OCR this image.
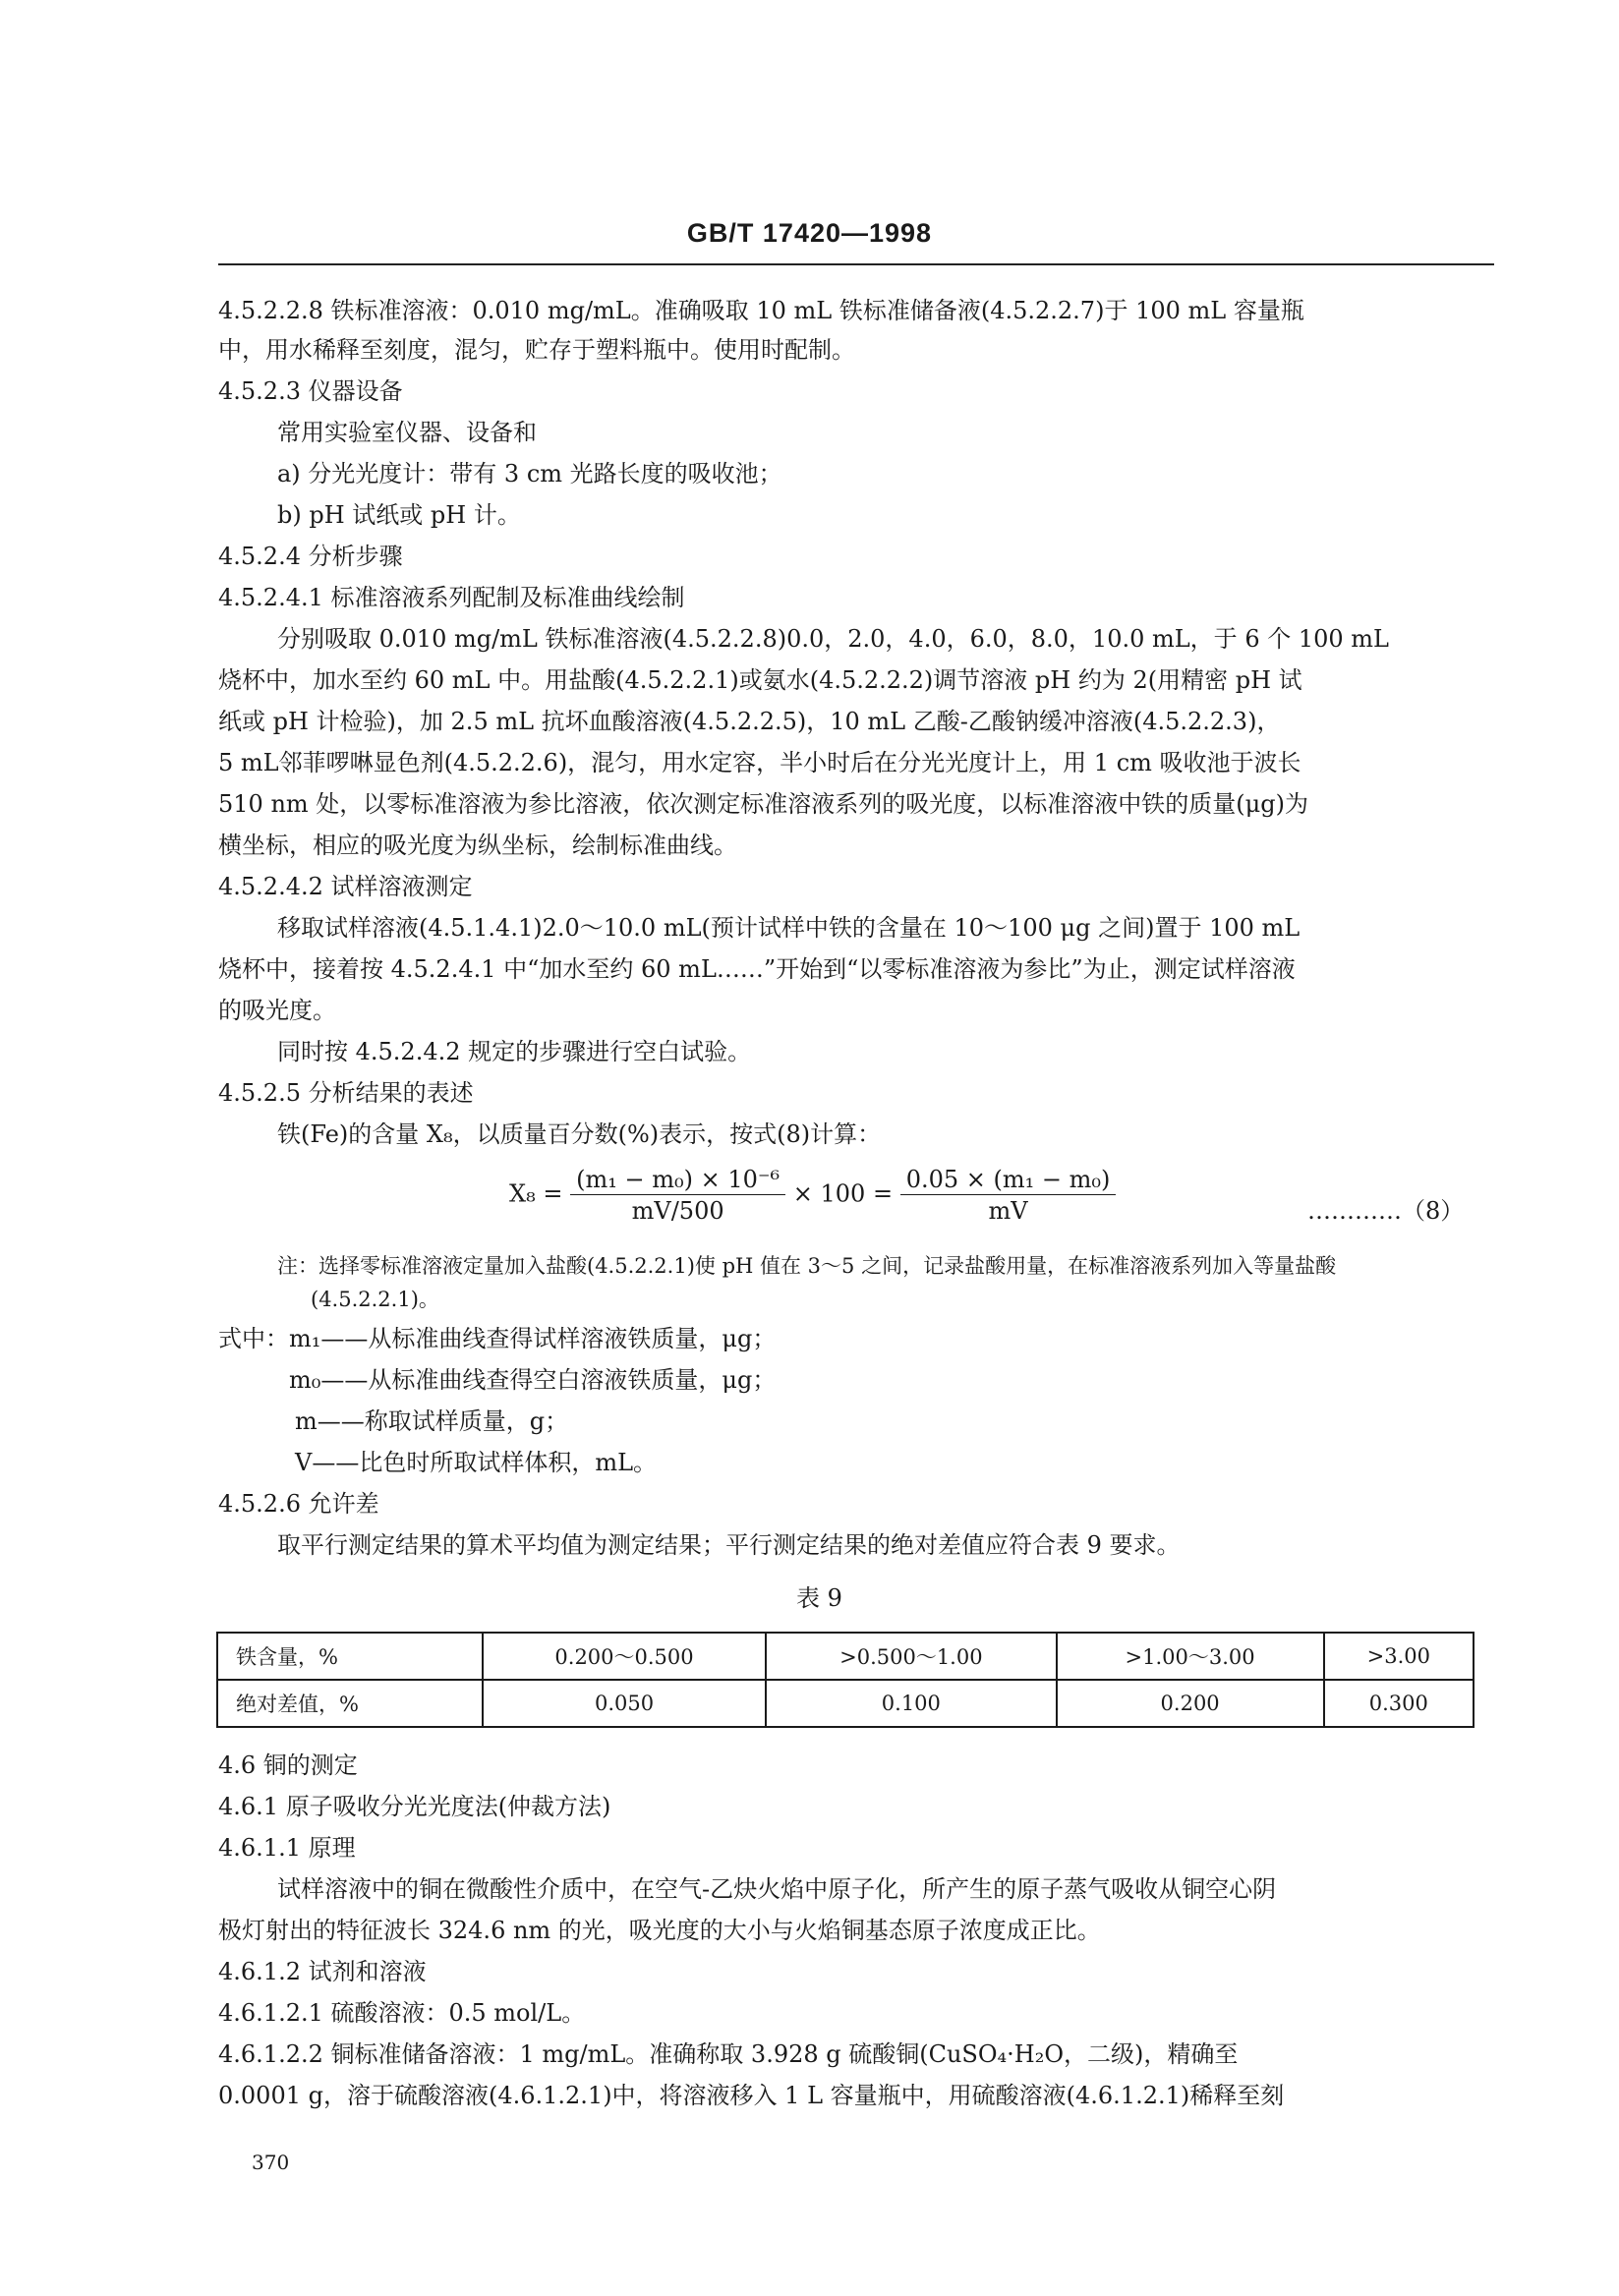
GB/T 17420—1998
4.5.2.2.8 铁标准溶液：0.010 mg/mL。准确吸取 10 mL 铁标准储备液(4.5.2.2.7)于 100 mL 容量瓶
中，用水稀释至刻度，混匀，贮存于塑料瓶中。使用时配制。
4.5.2.3 仪器设备
常用实验室仪器、设备和
a) 分光光度计：带有 3 cm 光路长度的吸收池；
b) pH 试纸或 pH 计。
4.5.2.4 分析步骤
4.5.2.4.1 标准溶液系列配制及标准曲线绘制
分别吸取 0.010 mg/mL 铁标准溶液(4.5.2.2.8)0.0，2.0，4.0，6.0，8.0，10.0 mL，于 6 个 100 mL
烧杯中，加水至约 60 mL 中。用盐酸(4.5.2.2.1)或氨水(4.5.2.2.2)调节溶液 pH 约为 2(用精密 pH 试
纸或 pH 计检验)，加 2.5 mL 抗坏血酸溶液(4.5.2.2.5)，10 mL 乙酸-乙酸钠缓冲溶液(4.5.2.2.3)，
5 mL邻菲啰啉显色剂(4.5.2.2.6)，混匀，用水定容，半小时后在分光光度计上，用 1 cm 吸收池于波长
510 nm 处，以零标准溶液为参比溶液，依次测定标准溶液系列的吸光度，以标准溶液中铁的质量(μg)为
横坐标，相应的吸光度为纵坐标，绘制标准曲线。
4.5.2.4.2 试样溶液测定
移取试样溶液(4.5.1.4.1)2.0～10.0 mL(预计试样中铁的含量在 10～100 μg 之间)置于 100 mL
烧杯中，接着按 4.5.2.4.1 中“加水至约 60 mL……”开始到“以零标准溶液为参比”为止，测定试样溶液
的吸光度。
同时按 4.5.2.4.2 规定的步骤进行空白试验。
4.5.2.5 分析结果的表述
铁(Fe)的含量 X₈，以质量百分数(%)表示，按式(8)计算：
$X_8 = \frac{\text{(m₁ − m₀) × 10⁻⁶}}{mV/500} \times 100 = \frac{\text{0.05 × (m₁ − m₀)}}{mV}$	…………（8）
注：选择零标准溶液定量加入盐酸(4.5.2.2.1)使 pH 值在 3～5 之间，记录盐酸用量，在标准溶液系列加入等量盐酸
(4.5.2.2.1)。
式中：m₁——从标准曲线查得试样溶液铁质量，μg；
m₀——从标准曲线查得空白溶液铁质量，μg；
m——称取试样质量，g；
V——比色时所取试样体积，mL。
4.5.2.6 允许差
取平行测定结果的算术平均值为测定结果；平行测定结果的绝对差值应符合表 9 要求。
表 9
铁含量，%	0.200～0.500	>0.500～1.00	>1.00～3.00	>3.00
绝对差值，%	0.050	0.100	0.200	0.300
4.6 铜的测定
4.6.1 原子吸收分光光度法(仲裁方法)
4.6.1.1 原理
试样溶液中的铜在微酸性介质中，在空气-乙炔火焰中原子化，所产生的原子蒸气吸收从铜空心阴
极灯射出的特征波长 324.6 nm 的光，吸光度的大小与火焰铜基态原子浓度成正比。
4.6.1.2 试剂和溶液
4.6.1.2.1 硫酸溶液：0.5 mol/L。
4.6.1.2.2 铜标准储备溶液：1 mg/mL。准确称取 3.928 g 硫酸铜(CuSO₄·H₂O，二级)，精确至
0.0001 g，溶于硫酸溶液(4.6.1.2.1)中，将溶液移入 1 L 容量瓶中，用硫酸溶液(4.6.1.2.1)稀释至刻
370
